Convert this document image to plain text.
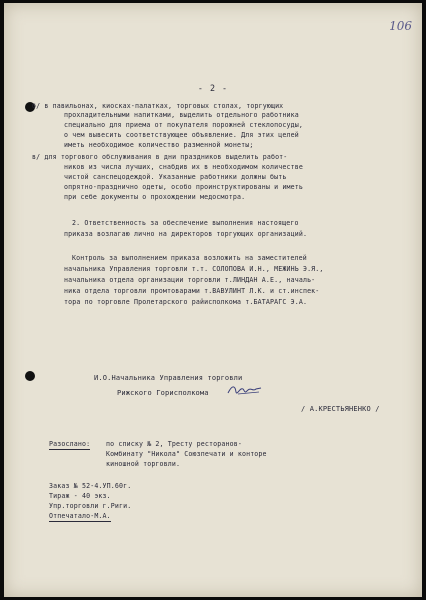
106
- 2 -
б/ в павильонах, киосках-палатках, торговых столах, торгующих
прохладительными напитками, выделить отдельного работника
специально для приема от покупателя порожней стеклопосуды,
о чем вывесить соответствующее объявление. Для этих целей
иметь необходимое количество разменной монеты;
в/ для торгового обслуживания в дни праздников выделить работ-
ников из числа лучших, снабдив их в необходимом количестве
чистой санспецодеждой. Указанные работники должны быть
опрятно-празднично одеты, особо проинструктированы и иметь
при себе документы о прохождении медосмотра.
2. Ответственность за обеспечение выполнения настоящего
приказа возлагаю лично на директоров торгующих организаций.
Контроль за выполнением приказа возложить на заместителей
начальника Управления торговли т.т. СОЛОПОВА И.Н., МЕЖИНЬ Э.Я.,
начальника отдела организации торговли т.ЛИНДАН А.Е., началь-
ника отдела торговли промтоварами т.ВАВУЛИНТ Л.К. и ст.инспек-
тора по торговле Пролетарского райисполкома т.БАТАРАГС Э.А.
И.О.Начальника Управления торговли
Рижского Горисполкома
/ А.КРЕСТЬЯНЕНКО /
Разослано: по списку № 2, Тресту ресторанов-
Комбинату "Никола" Союзпечати и конторе
киношной торговли.
Заказ № 52-4.УП.60г.
Тираж - 40 экз.
Упр.торговли г.Риги.
Отпечатало-М.А.
